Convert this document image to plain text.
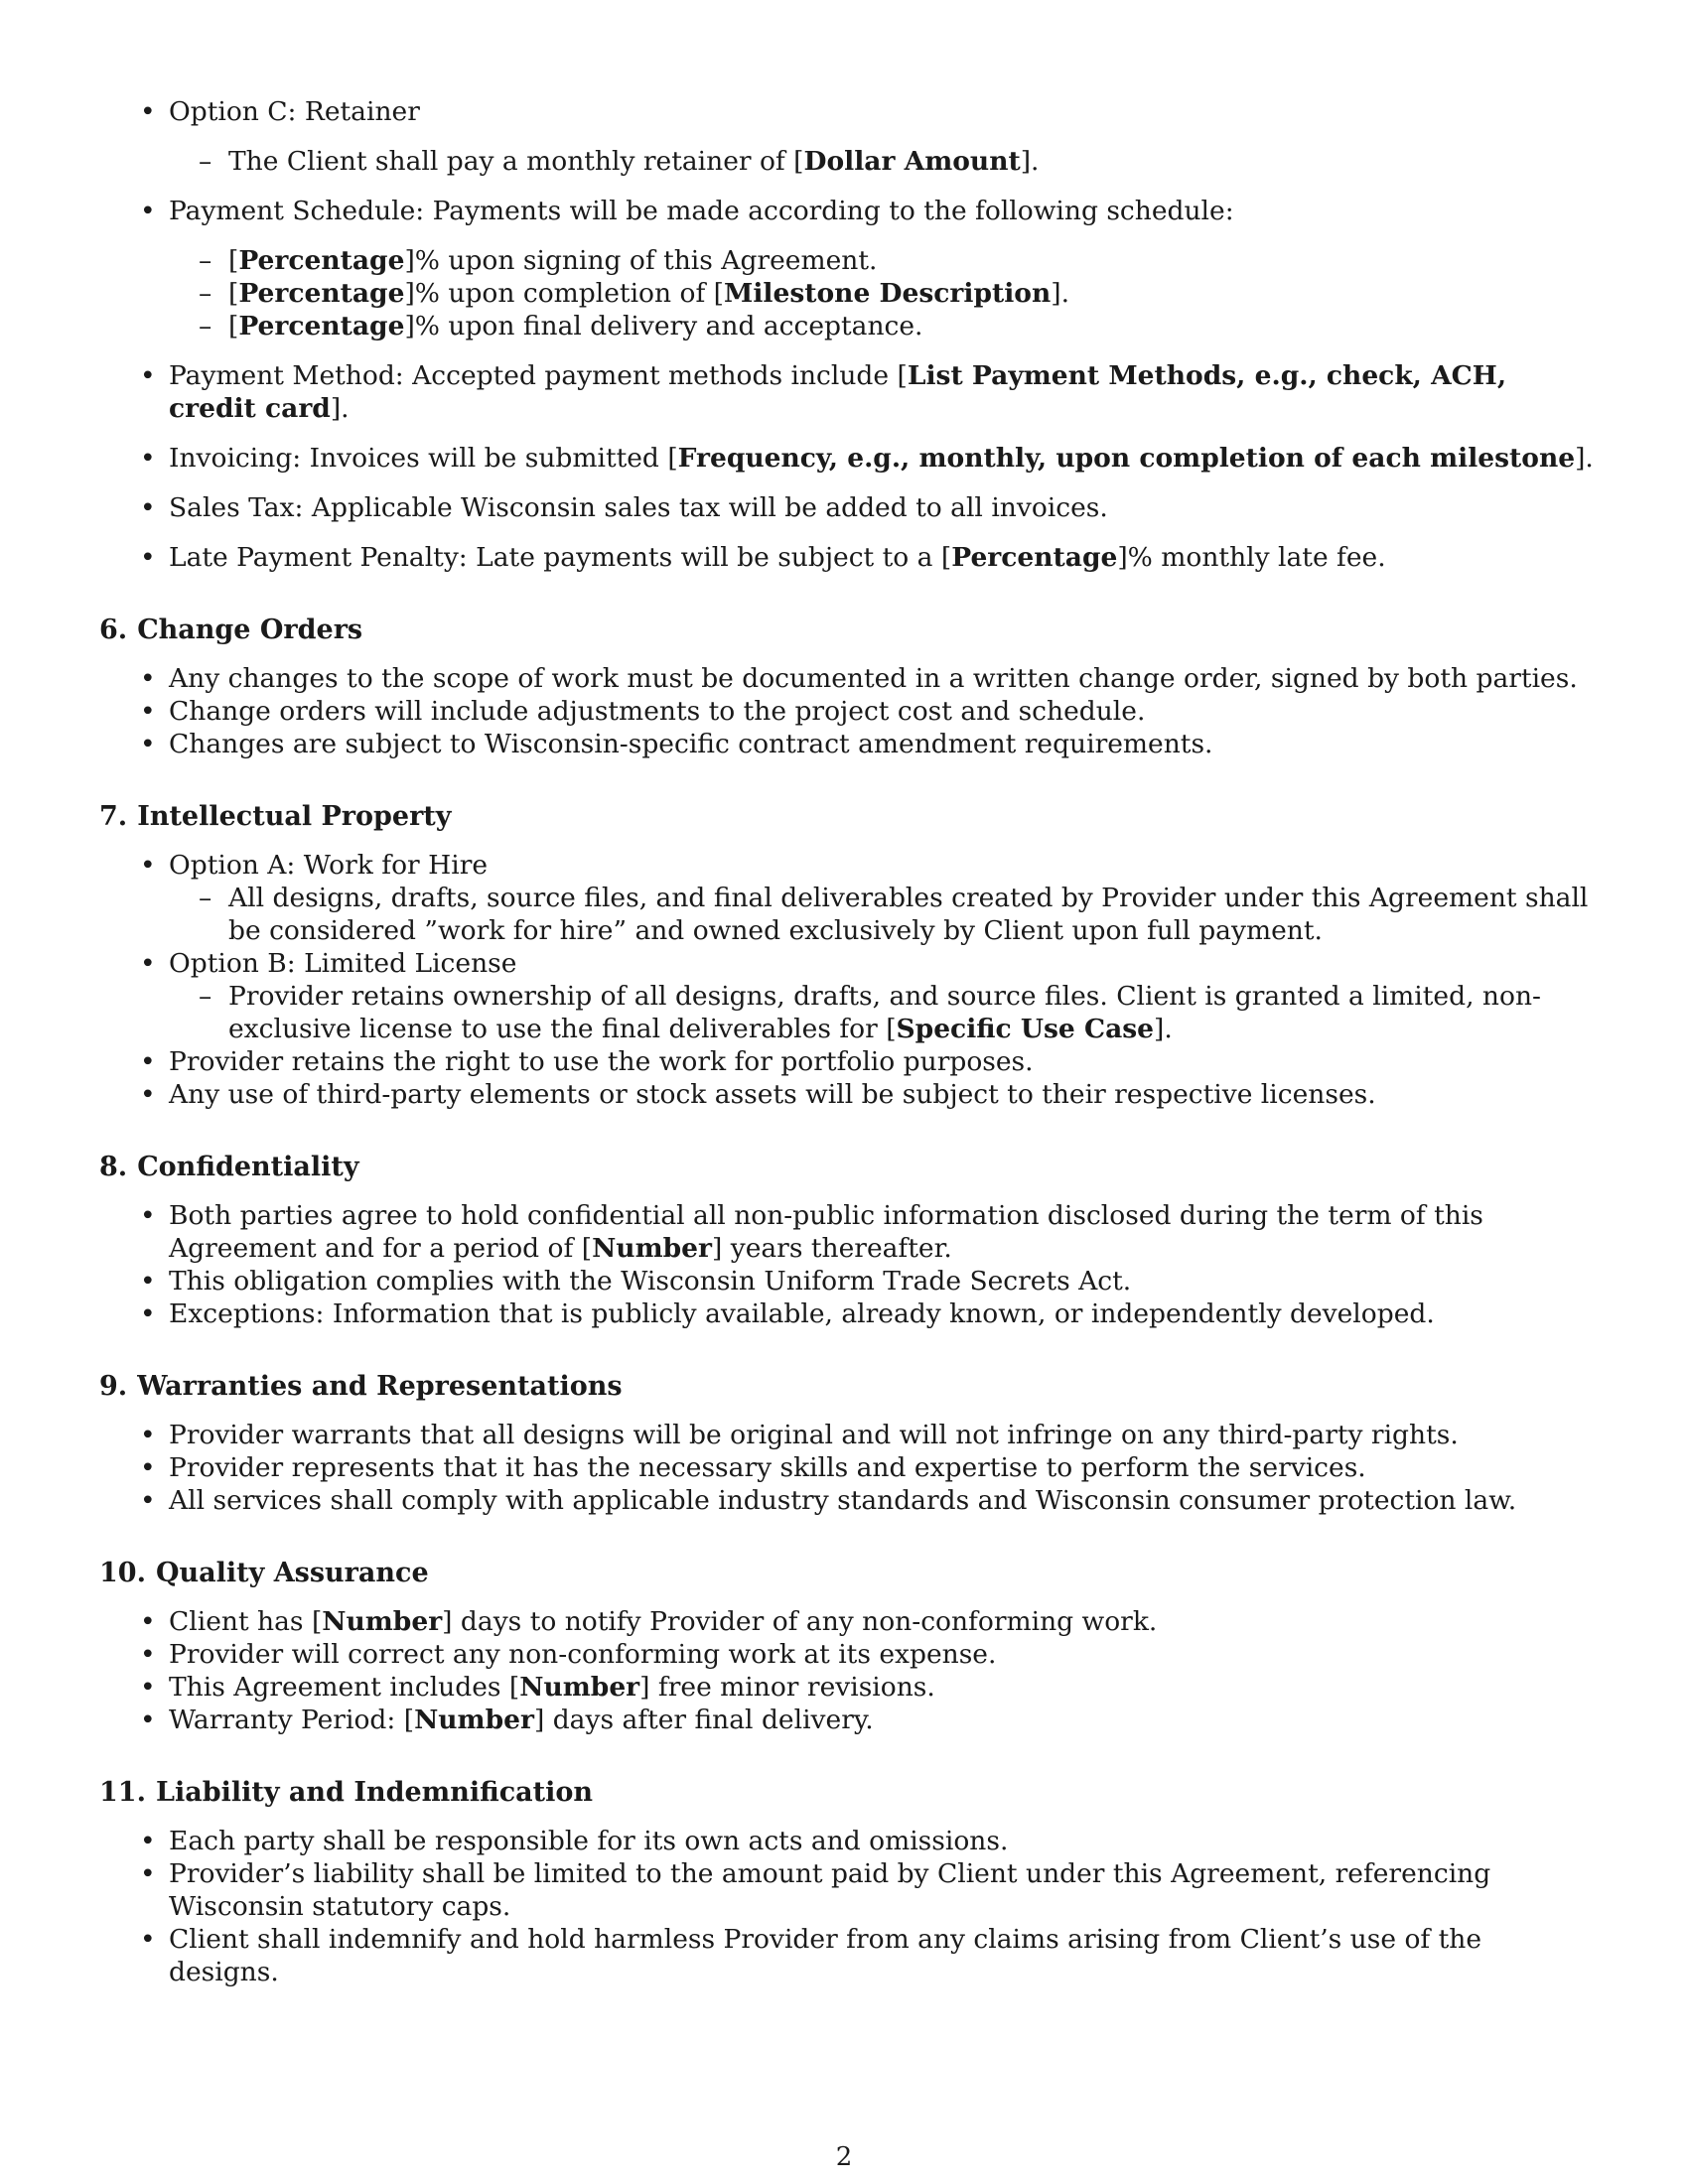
• Option C: Retainer
– The Client shall pay a monthly retainer of [Dollar Amount].
• Payment Schedule: Payments will be made according to the following schedule:
– [Percentage]% upon signing of this Agreement.
– [Percentage]% upon completion of [Milestone Description].
– [Percentage]% upon final delivery and acceptance.
• Payment Method: Accepted payment methods include [List Payment Methods, e.g., check, ACH, credit card].
• Invoicing: Invoices will be submitted [Frequency, e.g., monthly, upon completion of each milestone].
• Sales Tax: Applicable Wisconsin sales tax will be added to all invoices.
• Late Payment Penalty: Late payments will be subject to a [Percentage]% monthly late fee.
6. Change Orders
• Any changes to the scope of work must be documented in a written change order, signed by both parties.
• Change orders will include adjustments to the project cost and schedule.
• Changes are subject to Wisconsin-specific contract amendment requirements.
7. Intellectual Property
• Option A: Work for Hire
– All designs, drafts, source files, and final deliverables created by Provider under this Agreement shall be considered ”work for hire” and owned exclusively by Client upon full payment.
• Option B: Limited License
– Provider retains ownership of all designs, drafts, and source files. Client is granted a limited, non-exclusive license to use the final deliverables for [Specific Use Case].
• Provider retains the right to use the work for portfolio purposes.
• Any use of third-party elements or stock assets will be subject to their respective licenses.
8. Confidentiality
• Both parties agree to hold confidential all non-public information disclosed during the term of this Agreement and for a period of [Number] years thereafter.
• This obligation complies with the Wisconsin Uniform Trade Secrets Act.
• Exceptions: Information that is publicly available, already known, or independently developed.
9. Warranties and Representations
• Provider warrants that all designs will be original and will not infringe on any third-party rights.
• Provider represents that it has the necessary skills and expertise to perform the services.
• All services shall comply with applicable industry standards and Wisconsin consumer protection law.
10. Quality Assurance
• Client has [Number] days to notify Provider of any non-conforming work.
• Provider will correct any non-conforming work at its expense.
• This Agreement includes [Number] free minor revisions.
• Warranty Period: [Number] days after final delivery.
11. Liability and Indemnification
• Each party shall be responsible for its own acts and omissions.
• Provider’s liability shall be limited to the amount paid by Client under this Agreement, referencing Wisconsin statutory caps.
• Client shall indemnify and hold harmless Provider from any claims arising from Client’s use of the designs.
2
